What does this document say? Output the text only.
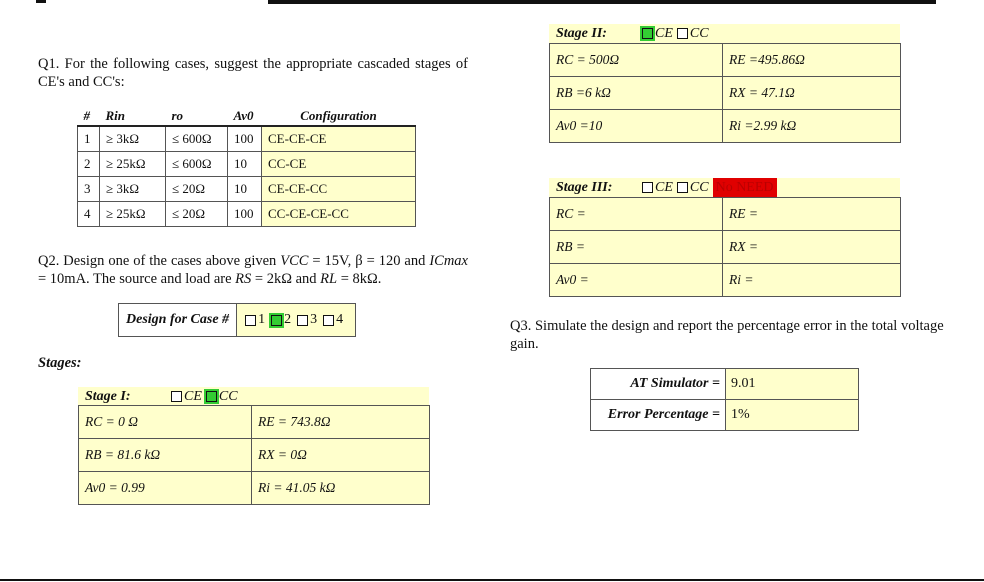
Q1. For the following cases, suggest the appropriate cascaded stages of CE's and CC's:
#	Rin	ro	Av0	Configuration
1	≥ 3kΩ	≤ 600Ω	100	CE-CE-CE
2	≥ 25kΩ	≤ 600Ω	10	CC-CE
3	≥ 3kΩ	≤ 20Ω	10	CE-CE-CC
4	≥ 25kΩ	≤ 20Ω	100	CC-CE-CE-CC
Q2. Design one of the cases above given VCC = 15V, β = 120 and ICmax = 10mA. The source and load are RS = 2kΩ and RL = 8kΩ.
Design for Case #	1 2 3 4
Stages:
Stage I:	CE CC
RC = 0 Ω	RE = 743.8Ω
RB = 81.6 kΩ	RX = 0Ω
Av0 = 0.99	Ri = 41.05 kΩ
Stage II:	CE CC
RC = 500Ω	RE =495.86Ω
RB =6 kΩ	RX = 47.1Ω
Av0 =10	Ri =2.99 kΩ
Stage III:	CE CC No NEED
RC =	RE =
RB =	RX =
Av0 =	Ri =
Q3. Simulate the design and report the percentage error in the total voltage gain.
AT Simulator =	9.01
Error Percentage =	1%
